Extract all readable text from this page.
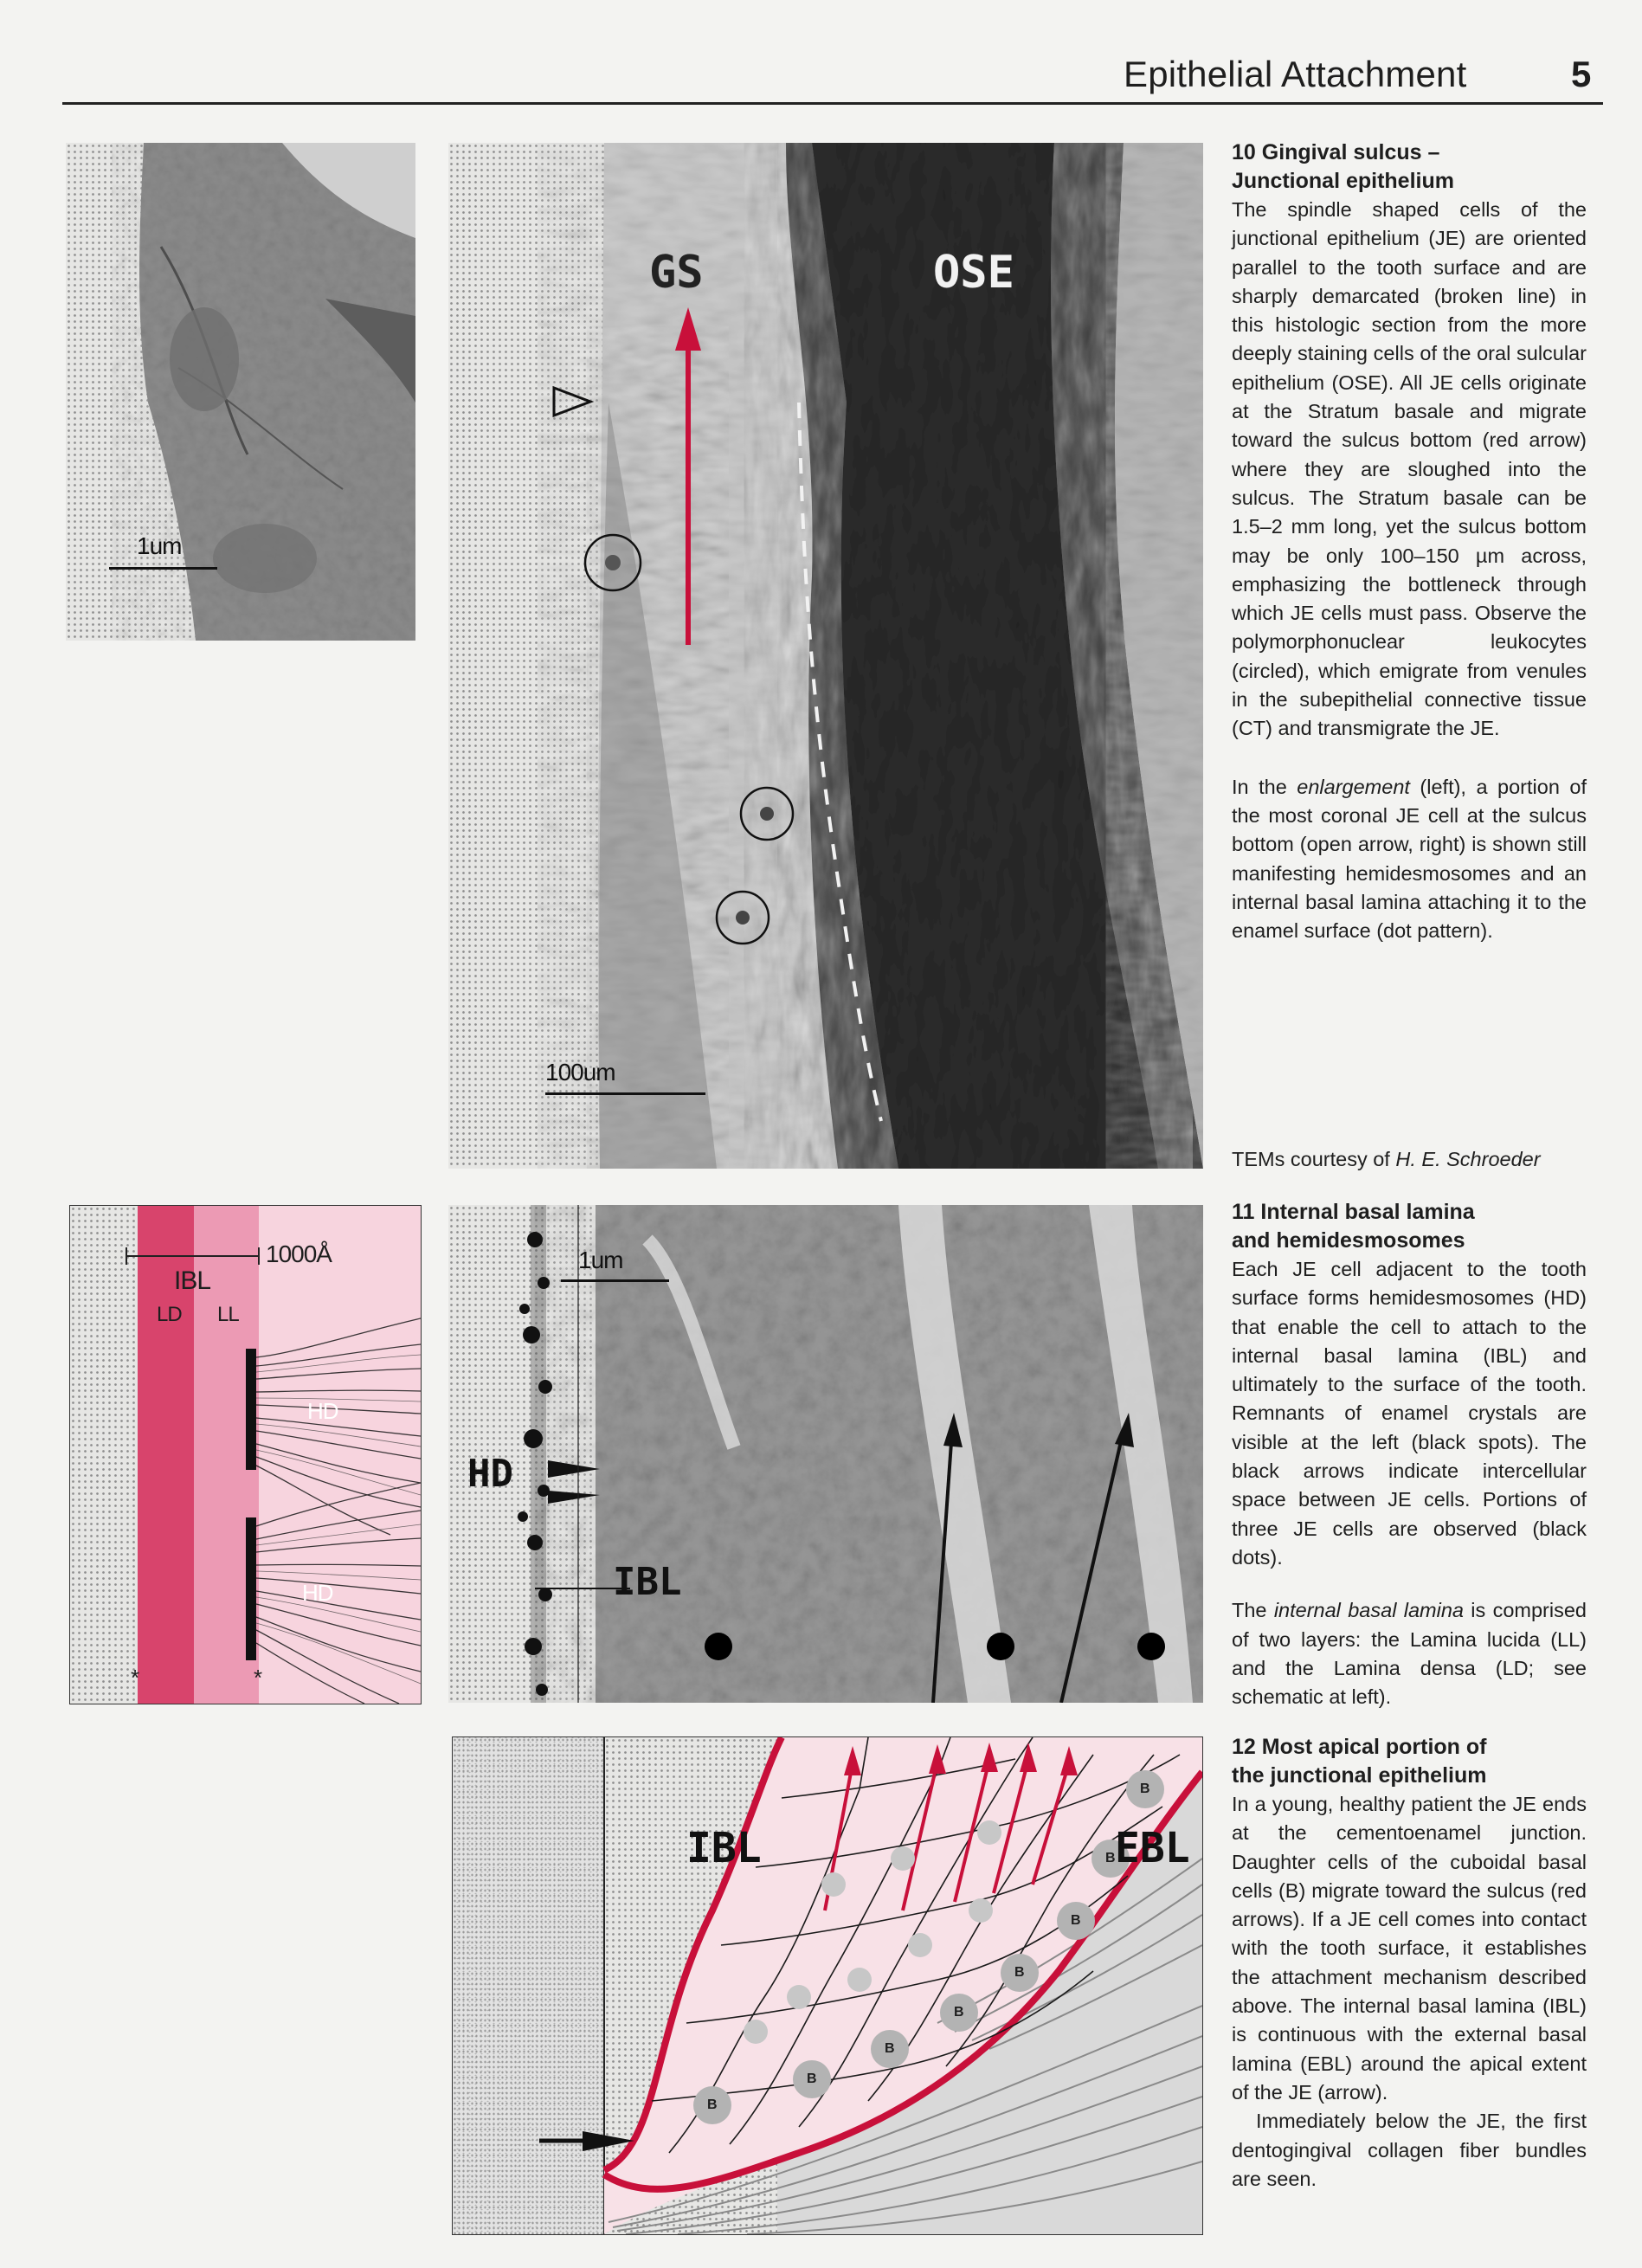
Epithelial Attachment	5
1um
GS	OSE
100um

10 Gingival sulcus –

Junctional epithelium

The spindle shaped cells of the junctional epithelium (JE) are oriented parallel to the tooth surface and are sharply demarcated (broken line) in this histologic section from the more deeply staining cells of the oral sulcular epithelium (OSE). All JE cells originate at the Stratum basale and migrate toward the sulcus bottom (red arrow) where they are sloughed into the sulcus. The Stratum basale can be 1.5–2 mm long, yet the sulcus bottom may be only 100–150 µm across, emphasizing the bottleneck through which JE cells must pass. Observe the polymorphonuclear leukocytes (circled), which emigrate from venules in the subepithelial connective tissue (CT) and transmigrate the JE.

In the enlargement (left), a portion of the most coronal JE cell at the sulcus bottom (open arrow, right) is shown still manifesting hemidesmosomes and an internal basal lamina attaching it to the enamel surface (dot pattern).

TEMs courtesy of H. E. Schroeder
1000Å
IBL
LD LL
HD
HD
*	*
1um
HD
IBL

11 Internal basal lamina

and hemidesmosomes

Each JE cell adjacent to the tooth surface forms hemidesmosomes (HD) that enable the cell to attach to the internal basal lamina (IBL) and ultimately to the surface of the tooth. Remnants of enamel crystals are visible at the left (black spots). The black arrows indicate intercellular space between JE cells. Portions of three JE cells are observed (black dots).

The internal basal lamina is comprised of two layers: the Lamina lucida (LL) and the Lamina densa (LD; see schematic at left).

B
B
B
B
B
B
B
B
IBL	EBL

12 Most apical portion of

the junctional epithelium

In a young, healthy patient the JE ends at the cementoenamel junction. Daughter cells of the cuboidal basal cells (B) migrate toward the sulcus (red arrows). If a JE cell comes into contact with the tooth surface, it establishes the attachment mechanism described above. The internal basal lamina (IBL) is continuous with the external basal lamina (EBL) around the apical extent of the JE (arrow).

Immediately below the JE, the first dentogingival collagen fiber bundles are seen.
